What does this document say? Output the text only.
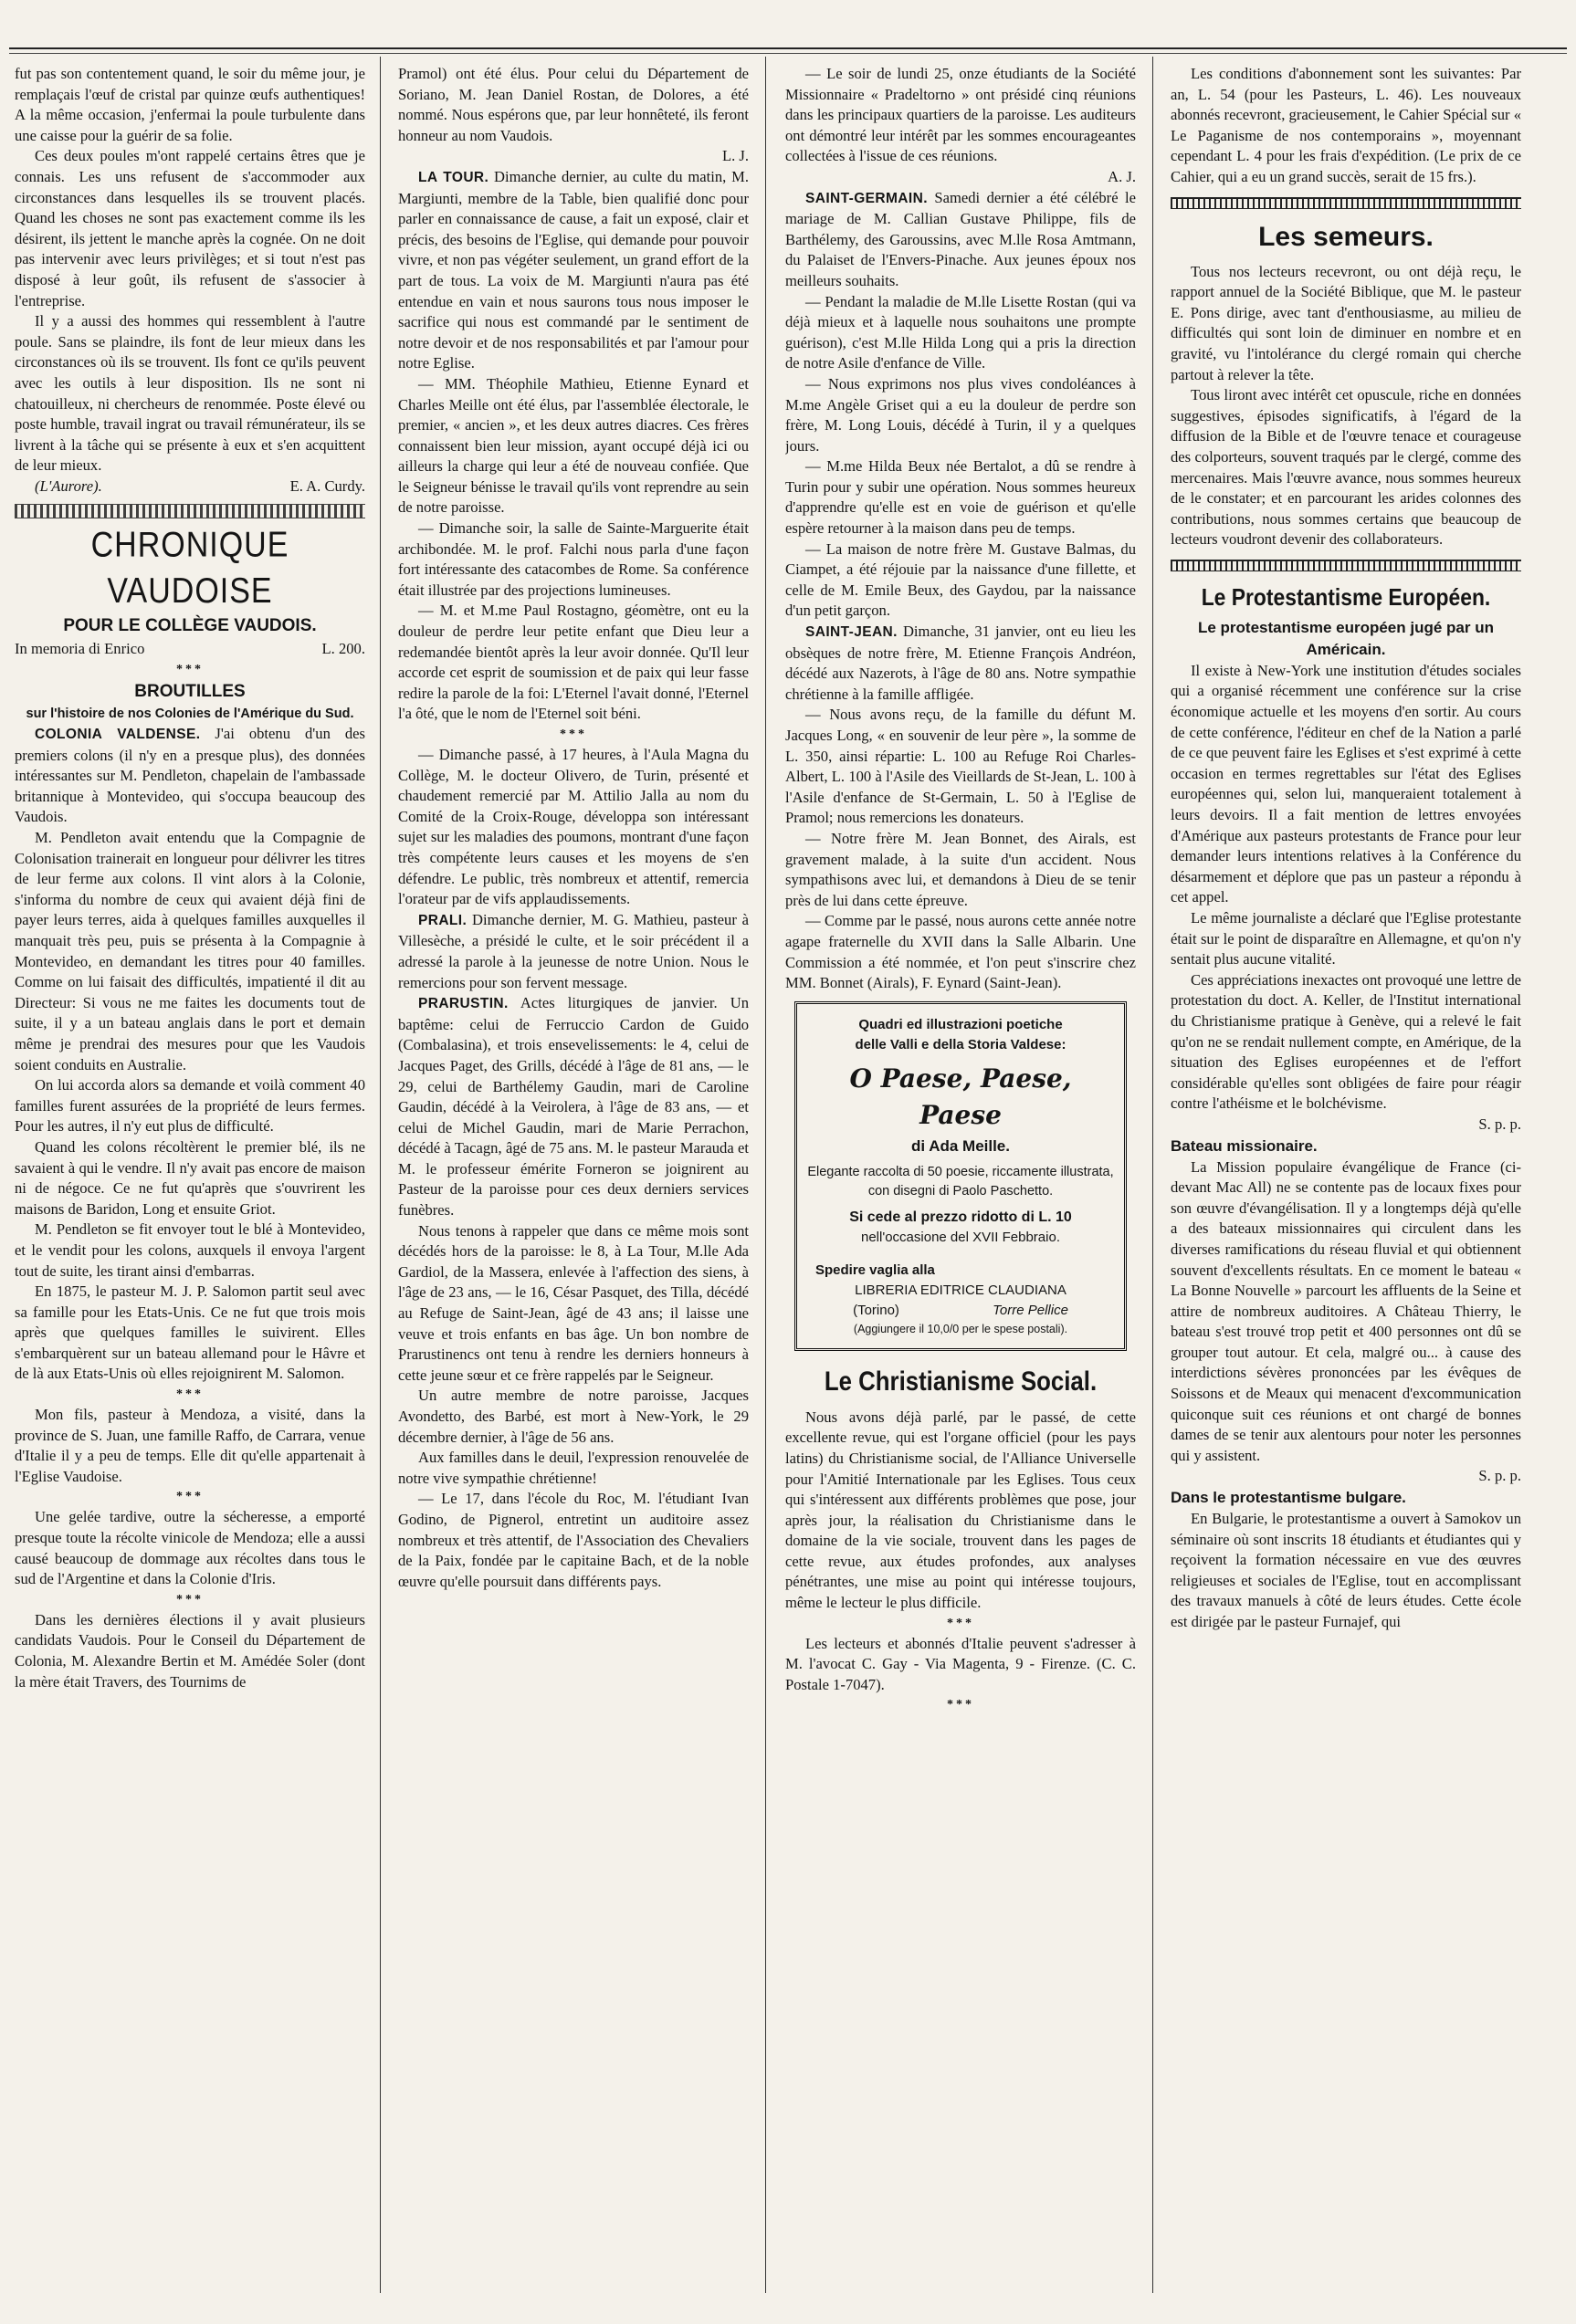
fut pas son contentement quand, le soir du même jour, je remplaçais l'œuf de cristal par quinze œufs authentiques! A la même occasion, j'enfermai la poule turbulente dans une caisse pour la guérir de sa folie.

Ces deux poules m'ont rappelé certains êtres que je connais. Les uns refusent de s'accommoder aux circonstances dans lesquelles ils se trouvent placés. Quand les choses ne sont pas exactement comme ils les désirent, ils jettent le manche après la cognée. On ne doit pas intervenir avec leurs privilèges; et si tout n'est pas disposé à leur goût, ils refusent de s'associer à l'entreprise.

Il y a aussi des hommes qui ressemblent à l'autre poule. Sans se plaindre, ils font de leur mieux dans les circonstances où ils se trouvent. Ils font ce qu'ils peuvent avec les outils à leur disposition. Ils ne sont ni chatouilleux, ni chercheurs de renommée. Poste élevé ou poste humble, travail ingrat ou travail rémunérateur, ils se livrent à la tâche qui se présente à eux et s'en acquittent de leur mieux.

(L'Aurore).	E. A. Curdy.
CHRONIQUE VAUDOISE
POUR LE COLLÈGE VAUDOIS.
In memoria di Enrico	L. 200.
***
BROUTILLES
sur l'histoire de nos Colonies de l'Amérique du Sud.

COLONIA VALDENSE. J'ai obtenu d'un des premiers colons (il n'y en a presque plus), des données intéressantes sur M. Pendleton, chapelain de l'ambassade britannique à Montevideo, qui s'occupa beaucoup des Vaudois.

M. Pendleton avait entendu que la Compagnie de Colonisation trainerait en longueur pour délivrer les titres de leur ferme aux colons. Il vint alors à la Colonie, s'informa du nombre de ceux qui avaient déjà fini de payer leurs terres, aida à quelques familles auxquelles il manquait très peu, puis se présenta à la Compagnie à Montevideo, en demandant les titres pour 40 familles. Comme on lui faisait des difficultés, impatienté il dit au Directeur: Si vous ne me faites les documents tout de suite, il y a un bateau anglais dans le port et demain même je prendrai des mesures pour que les Vaudois soient conduits en Australie.

On lui accorda alors sa demande et voilà comment 40 familles furent assurées de la propriété de leurs fermes. Pour les autres, il n'y eut plus de difficulté.

Quand les colons récoltèrent le premier blé, ils ne savaient à qui le vendre. Il n'y avait pas encore de maison ni de négoce. Ce ne fut qu'après que s'ouvrirent les maisons de Baridon, Long et ensuite Griot.

M. Pendleton se fit envoyer tout le blé à Montevideo, et le vendit pour les colons, auxquels il envoya l'argent tout de suite, les tirant ainsi d'embarras.

En 1875, le pasteur M. J. P. Salomon partit seul avec sa famille pour les Etats-Unis. Ce ne fut que trois mois après que quelques familles le suivirent. Elles s'embarquèrent sur un bateau allemand pour le Hâvre et de là aux Etats-Unis où elles rejoignirent M. Salomon.

***

Mon fils, pasteur à Mendoza, a visité, dans la province de S. Juan, une famille Raffo, de Carrara, venue d'Italie il y a peu de temps. Elle dit qu'elle appartenait à l'Eglise Vaudoise.

***

Une gelée tardive, outre la sécheresse, a emporté presque toute la récolte vinicole de Mendoza; elle a aussi causé beaucoup de dommage aux récoltes dans tous le sud de l'Argentine et dans la Colonie d'Iris.

***

Dans les dernières élections il y avait plusieurs candidats Vaudois. Pour le Conseil du Département de Colonia, M. Alexandre Bertin et M. Amédée Soler (dont la mère était Travers, des Tournims de

Pramol) ont été élus. Pour celui du Département de Soriano, M. Jean Daniel Rostan, de Dolores, a été nommé. Nous espérons que, par leur honnêteté, ils feront honneur au nom Vaudois.

L. J.

LA TOUR. Dimanche dernier, au culte du matin, M. Margiunti, membre de la Table, bien qualifié donc pour parler en connaissance de cause, a fait un exposé, clair et précis, des besoins de l'Eglise, qui demande pour pouvoir vivre, et non pas végéter seulement, un grand effort de la part de tous. La voix de M. Margiunti n'aura pas été entendue en vain et nous saurons tous nous imposer le sacrifice qui nous est commandé par le sentiment de notre devoir et de nos responsabilités et par l'amour pour notre Eglise.

— MM. Théophile Mathieu, Etienne Eynard et Charles Meille ont été élus, par l'assemblée électorale, le premier, « ancien », et les deux autres diacres. Ces frères connaissent bien leur mission, ayant occupé déjà ici ou ailleurs la charge qui leur a été de nouveau confiée. Que le Seigneur bénisse le travail qu'ils vont reprendre au sein de notre paroisse.

— Dimanche soir, la salle de Sainte-Marguerite était archibondée. M. le prof. Falchi nous parla d'une façon fort intéressante des catacombes de Rome. Sa conférence était illustrée par des projections lumineuses.

— M. et M.me Paul Rostagno, géomètre, ont eu la douleur de perdre leur petite enfant que Dieu leur a redemandée bientôt après la leur avoir donnée. Qu'Il leur accorde cet esprit de soumission et de paix qui leur fasse redire la parole de la foi: L'Eternel l'avait donné, l'Eternel l'a ôté, que le nom de l'Eternel soit béni.

***

— Dimanche passé, à 17 heures, à l'Aula Magna du Collège, M. le docteur Olivero, de Turin, présenté et chaudement remercié par M. Attilio Jalla au nom du Comité de la Croix-Rouge, développa son intéressant sujet sur les maladies des poumons, montrant d'une façon très compétente leurs causes et les moyens de s'en défendre. Le public, très nombreux et attentif, remercia l'orateur par de vifs applaudissements.

PRALI. Dimanche dernier, M. G. Mathieu, pasteur à Villesèche, a présidé le culte, et le soir précédent il a adressé la parole à la jeunesse de notre Union. Nous le remercions pour son fervent message.

PRARUSTIN. Actes liturgiques de janvier. Un baptême: celui de Ferruccio Cardon de Guido (Combalasina), et trois ensevelissements: le 4, celui de Jacques Paget, des Grills, décédé à l'âge de 81 ans, — le 29, celui de Barthélemy Gaudin, mari de Caroline Gaudin, décédé à la Veirolera, à l'âge de 83 ans, — et celui de Michel Gaudin, mari de Marie Perrachon, décédé à Tacagn, âgé de 75 ans. M. le pasteur Marauda et M. le professeur émérite Forneron se joignirent au Pasteur de la paroisse pour ces deux derniers services funèbres.

Nous tenons à rappeler que dans ce même mois sont décédés hors de la paroisse: le 8, à La Tour, M.lle Ada Gardiol, de la Massera, enlevée à l'affection des siens, à l'âge de 23 ans, — le 16, César Pasquet, des Tilla, décédé au Refuge de Saint-Jean, âgé de 43 ans; il laisse une veuve et trois enfants en bas âge. Un bon nombre de Prarustinencs ont tenu à rendre les derniers honneurs à cette jeune sœur et ce frère rappelés par le Seigneur.

Un autre membre de notre paroisse, Jacques Avondetto, des Barbé, est mort à New-York, le 29 décembre dernier, à l'âge de 56 ans.

Aux familles dans le deuil, l'expression renouvelée de notre vive sympathie chrétienne!

— Le 17, dans l'école du Roc, M. l'étudiant Ivan Godino, de Pignerol, entretint un auditoire assez nombreux et très attentif, de l'Association des Chevaliers de la Paix, fondée par le capitaine Bach, et de la noble œuvre qu'elle poursuit dans différents pays.

— Le soir de lundi 25, onze étudiants de la Société Missionnaire « Pradeltorno » ont présidé cinq réunions dans les principaux quartiers de la paroisse. Les auditeurs ont démontré leur intérêt par les sommes encourageantes collectées à l'issue de ces réunions.

A. J.

SAINT-GERMAIN. Samedi dernier a été célébré le mariage de M. Callian Gustave Philippe, fils de Barthélemy, des Garoussins, avec M.lle Rosa Amtmann, du Palaiset de l'Envers-Pinache. Aux jeunes époux nos meilleurs souhaits.

— Pendant la maladie de M.lle Lisette Rostan (qui va déjà mieux et à laquelle nous souhaitons une prompte guérison), c'est M.lle Hilda Long qui a pris la direction de notre Asile d'enfance de Ville.

— Nous exprimons nos plus vives condoléances à M.me Angèle Griset qui a eu la douleur de perdre son frère, M. Long Louis, décédé à Turin, il y a quelques jours.

— M.me Hilda Beux née Bertalot, a dû se rendre à Turin pour y subir une opération. Nous sommes heureux d'apprendre qu'elle est en voie de guérison et qu'elle espère retourner à la maison dans peu de temps.

— La maison de notre frère M. Gustave Balmas, du Ciampet, a été réjouie par la naissance d'une fillette, et celle de M. Emile Beux, des Gaydou, par la naissance d'un petit garçon.

SAINT-JEAN. Dimanche, 31 janvier, ont eu lieu les obsèques de notre frère, M. Etienne François Andréon, décédé aux Nazerots, à l'âge de 80 ans. Notre sympathie chrétienne à la famille affligée.

— Nous avons reçu, de la famille du défunt M. Jacques Long, « en souvenir de leur père », la somme de L. 350, ainsi répartie: L. 100 au Refuge Roi Charles-Albert, L. 100 à l'Asile des Vieillards de St-Jean, L. 100 à l'Asile d'enfance de St-Germain, L. 50 à l'Eglise de Pramol; nous remercions les donateurs.

— Notre frère M. Jean Bonnet, des Airals, est gravement malade, à la suite d'un accident. Nous sympathisons avec lui, et demandons à Dieu de se tenir près de lui dans cette épreuve.

— Comme par le passé, nous aurons cette année notre agape fraternelle du XVII dans la Salle Albarin. Une Commission a été nommée, et l'on peut s'inscrire chez MM. Bonnet (Airals), F. Eynard (Saint-Jean).

Quadri ed illustrazioni poetiche
delle Valli e della Storia Valdese:
O Paese, Paese, Paese
di Ada Meille.
Elegante raccolta di 50 poesie, riccamente illustrata, con disegni di Paolo Paschetto.
Si cede al prezzo ridotto di L. 10
nell'occasione del XVII Febbraio.
Spedire vaglia alla
LIBRERIA EDITRICE CLAUDIANA
(Torino)	Torre Pellice
(Aggiungere il 10,0/0 per le spese postali).
Le Christianisme Social.

Nous avons déjà parlé, par le passé, de cette excellente revue, qui est l'organe officiel (pour les pays latins) du Christianisme social, de l'Alliance Universelle pour l'Amitié Internationale par les Eglises. Tous ceux qui s'intéressent aux différents problèmes que pose, jour après jour, la réalisation du Christianisme dans le domaine de la vie sociale, trouvent dans les pages de cette revue, aux études profondes, aux analyses pénétrantes, une mise au point qui intéresse toujours, même le lecteur le plus difficile.

***

Les lecteurs et abonnés d'Italie peuvent s'adresser à M. l'avocat C. Gay - Via Magenta, 9 - Firenze. (C. C. Postale 1-7047).

***

Les conditions d'abonnement sont les suivantes: Par an, L. 54 (pour les Pasteurs, L. 46). Les nouveaux abonnés recevront, gracieusement, le Cahier Spécial sur « Le Paganisme de nos contemporains », moyennant cependant L. 4 pour les frais d'expédition. (Le prix de ce Cahier, qui a eu un grand succès, serait de 15 frs.).

Les semeurs.

Tous nos lecteurs recevront, ou ont déjà reçu, le rapport annuel de la Société Biblique, que M. le pasteur E. Pons dirige, avec tant d'enthousiasme, au milieu de difficultés qui sont loin de diminuer en nombre et en gravité, vu l'intolérance du clergé romain qui cherche partout à relever la tête.

Tous liront avec intérêt cet opuscule, riche en données suggestives, épisodes significatifs, à l'égard de la diffusion de la Bible et de l'œuvre tenace et courageuse des colporteurs, souvent traqués par le clergé, comme des mercenaires. Mais l'œuvre avance, nous sommes heureux de le constater; et en parcourant les arides colonnes des contributions, nous sommes certains que beaucoup de lecteurs voudront devenir des collaborateurs.

Le Protestantisme Européen.
Le protestantisme européen jugé par un Américain.

Il existe à New-York une institution d'études sociales qui a organisé récemment une conférence sur la crise économique actuelle et les moyens d'en sortir. Au cours de cette conférence, l'éditeur en chef de la Nation a parlé de ce que peuvent faire les Eglises et s'est exprimé à cette occasion en termes regrettables sur l'état des Eglises européennes qui, selon lui, manqueraient totalement à leurs devoirs. Il a fait mention de lettres envoyées d'Amérique aux pasteurs protestants de France pour leur demander leurs intentions relatives à la Conférence du désarmement et déplore que pas un pasteur a répondu à cet appel.

Le même journaliste a déclaré que l'Eglise protestante était sur le point de disparaître en Allemagne, et qu'on n'y sentait plus aucune vitalité.

Ces appréciations inexactes ont provoqué une lettre de protestation du doct. A. Keller, de l'Institut international du Christianisme pratique à Genève, qui a relevé le fait qu'on ne se rendait nullement compte, en Amérique, de la situation des Eglises européennes et de l'effort considérable qu'elles sont obligées de faire pour réagir contre l'athéisme et le bolchévisme.

S. p. p.
Bateau missionaire.

La Mission populaire évangélique de France (ci-devant Mac All) ne se contente pas de locaux fixes pour son œuvre d'évangélisation. Il y a longtemps déjà qu'elle a des bateaux missionnaires qui circulent dans les diverses ramifications du réseau fluvial et qui obtiennent souvent d'excellents résultats. En ce moment le bateau « La Bonne Nouvelle » parcourt les affluents de la Seine et attire de nombreux auditoires. A Château Thierry, le bateau s'est trouvé trop petit et 400 personnes ont dû se grouper tout autour. Et cela, malgré ou... à cause des interdictions sévères prononcées par les évêques de Soissons et de Meaux qui menacent d'excommunication quiconque suit ces réunions et ont chargé de bonnes dames de se tenir aux alentours pour noter les personnes qui y assistent.

S. p. p.
Dans le protestantisme bulgare.

En Bulgarie, le protestantisme a ouvert à Samokov un séminaire où sont inscrits 18 étudiants et étudiantes qui y reçoivent la formation nécessaire en vue des œuvres religieuses et sociales de l'Eglise, tout en accomplissant des travaux manuels à côté de leurs études. Cette école est dirigée par le pasteur Furnajef, qui
